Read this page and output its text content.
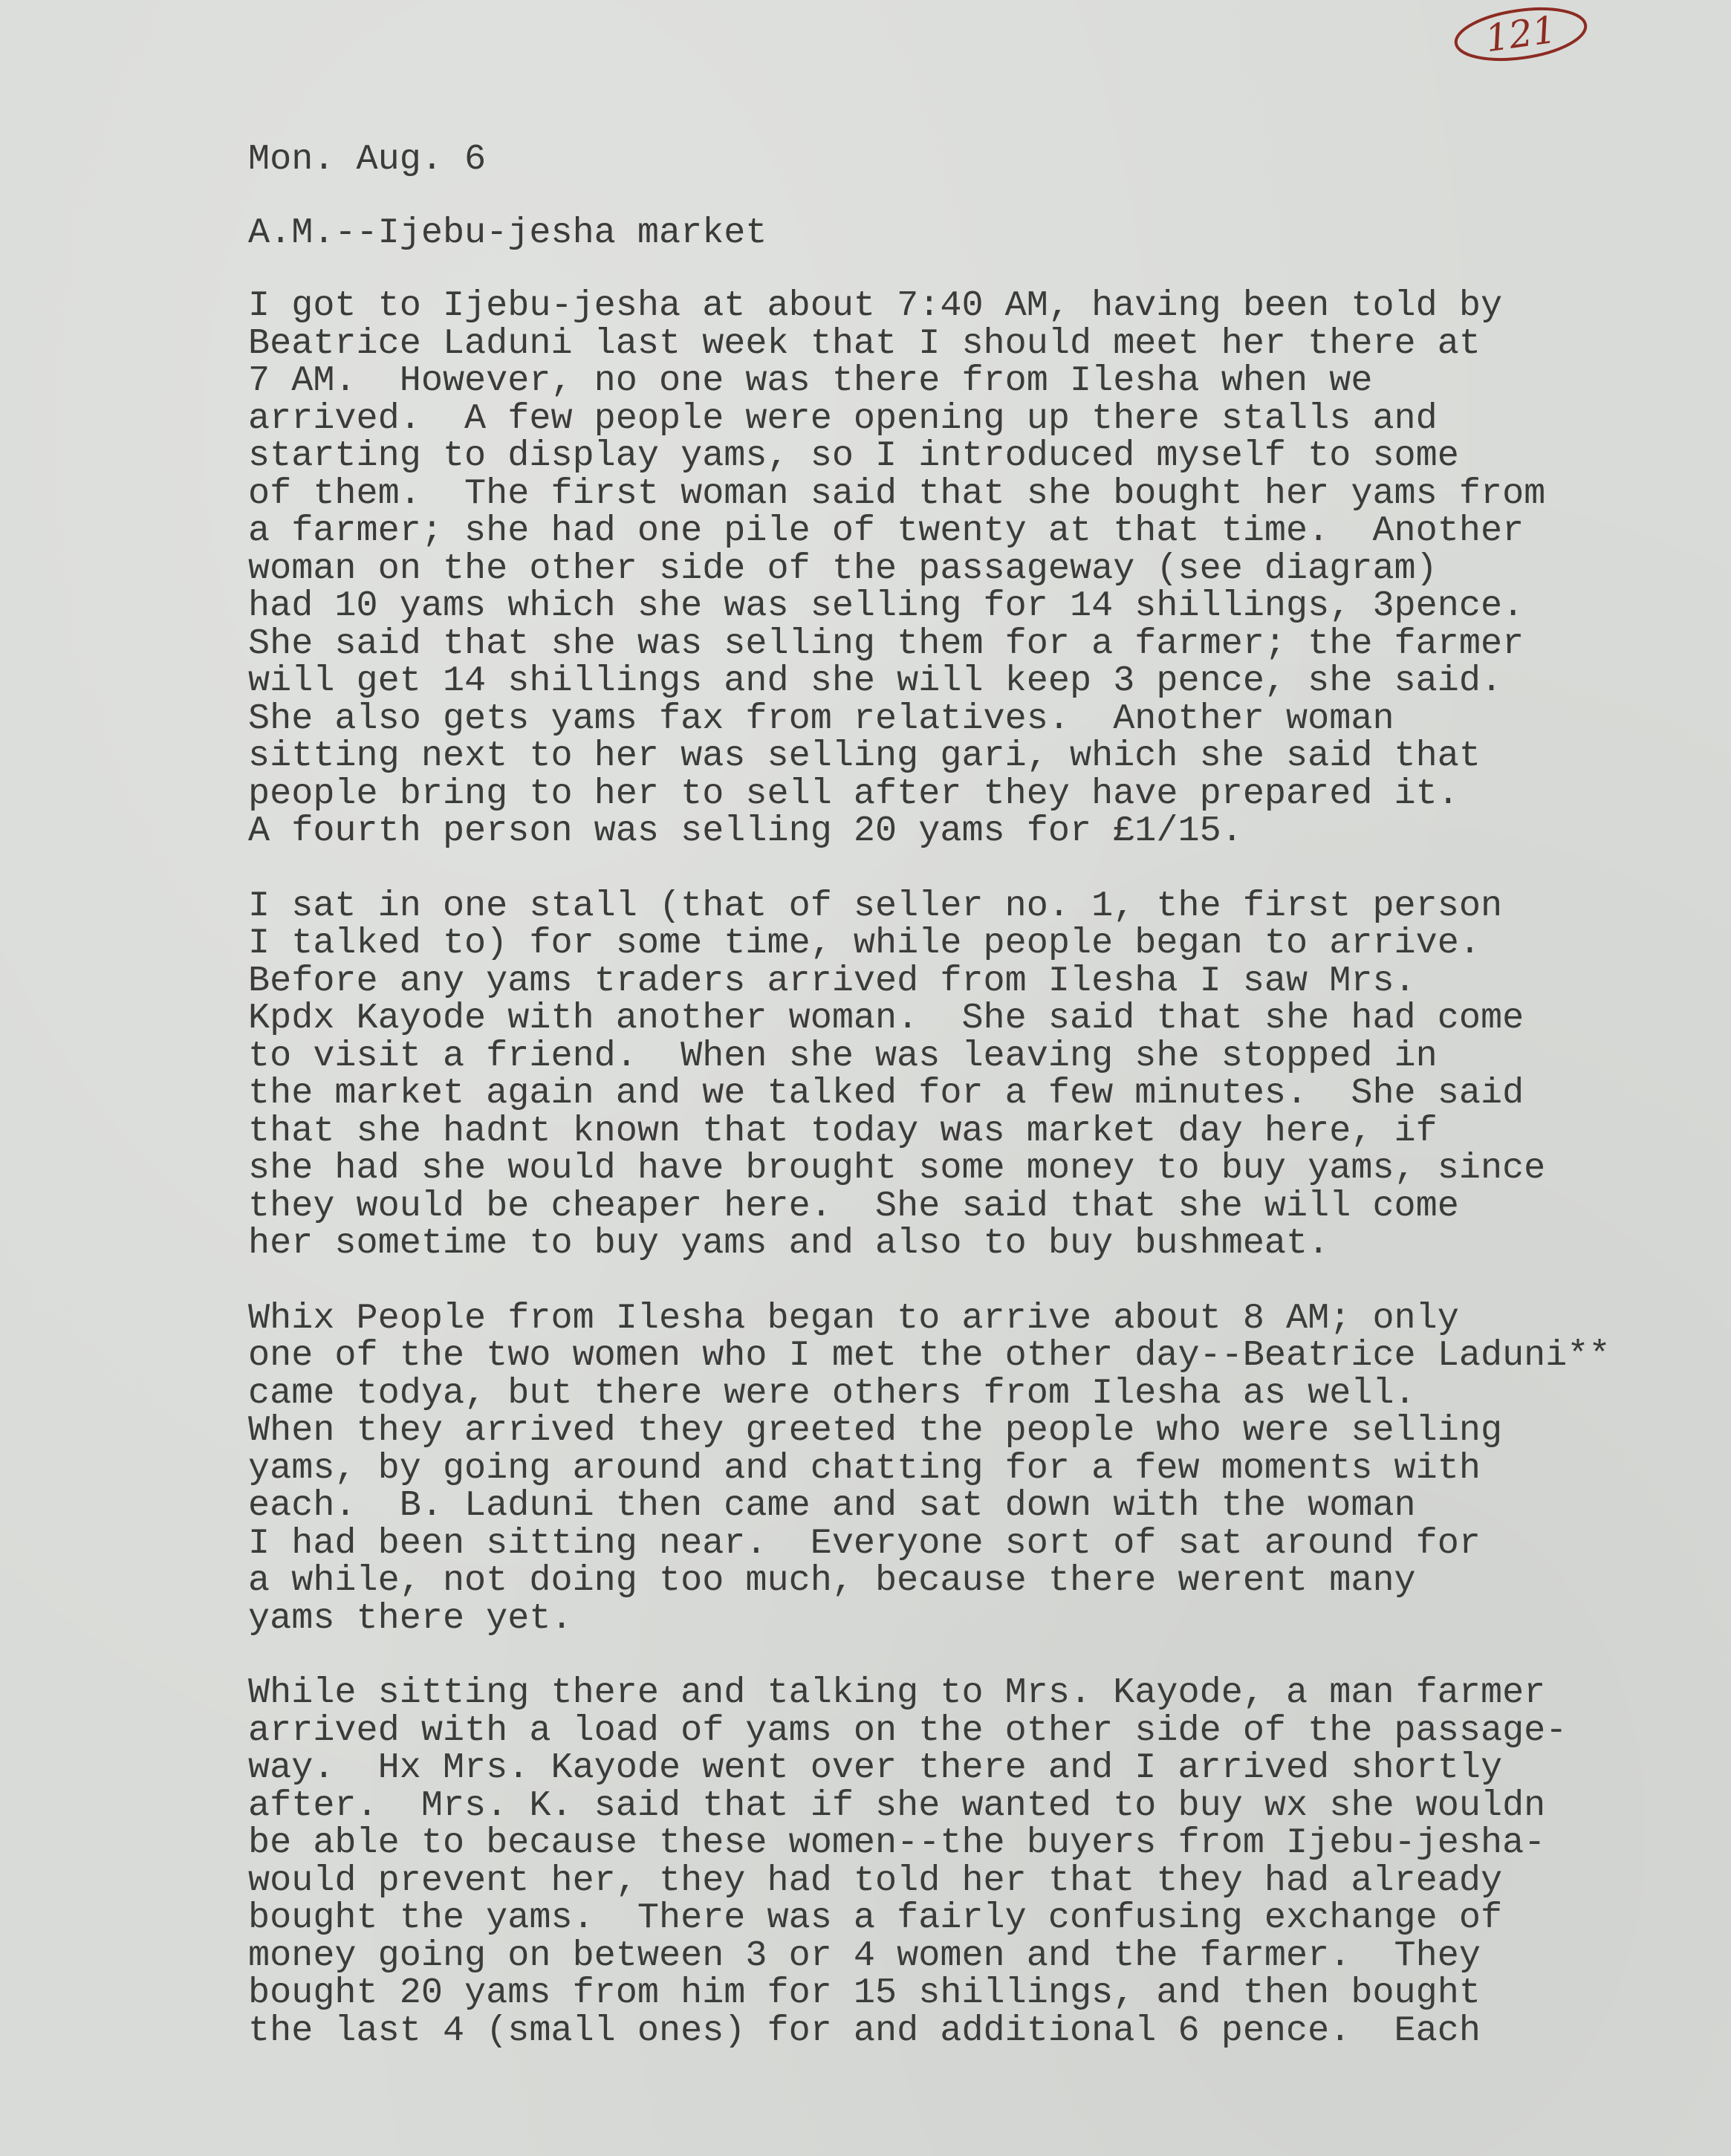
121
Mon. Aug. 6
A.M.--Ijebu-jesha market
I got to Ijebu-jesha at about 7:40 AM, having been told by
Beatrice Laduni last week that I should meet her there at
7 AM.  However, no one was there from Ilesha when we
arrived.  A few people were opening up there stalls and
starting to display yams, so I introduced myself to some
of them.  The first woman said that she bought her yams from
a farmer; she had one pile of twenty at that time.  Another
woman on the other side of the passageway (see diagram)
had 10 yams which she was selling for 14 shillings, 3pence.
She said that she was selling them for a farmer; the farmer
will get 14 shillings and she will keep 3 pence, she said.
She also gets yams fax from relatives.  Another woman
sitting next to her was selling gari, which she said that
people bring to her to sell after they have prepared it.
A fourth person was selling 20 yams for £1/15.
I sat in one stall (that of seller no. 1, the first person
I talked to) for some time, while people began to arrive.
Before any yams traders arrived from Ilesha I saw Mrs.
Kpdx Kayode with another woman.  She said that she had come
to visit a friend.  When she was leaving she stopped in
the market again and we talked for a few minutes.  She said
that she hadnt known that today was market day here, if
she had she would have brought some money to buy yams, since
they would be cheaper here.  She said that she will come
her sometime to buy yams and also to buy bushmeat.
Whix People from Ilesha began to arrive about 8 AM; only
one of the two women who I met the other day--Beatrice Laduni**
came todya, but there were others from Ilesha as well.
When they arrived they greeted the people who were selling
yams, by going around and chatting for a few moments with
each.  B. Laduni then came and sat down with the woman
I had been sitting near.  Everyone sort of sat around for
a while, not doing too much, because there werent many
yams there yet.
While sitting there and talking to Mrs. Kayode, a man farmer
arrived with a load of yams on the other side of the passage-
way.  Hx Mrs. Kayode went over there and I arrived shortly
after.  Mrs. K. said that if she wanted to buy wx she wouldn
be able to because these women--the buyers from Ijebu-jesha-
would prevent her, they had told her that they had already
bought the yams.  There was a fairly confusing exchange of
money going on between 3 or 4 women and the farmer.  They
bought 20 yams from him for 15 shillings, and then bought
the last 4 (small ones) for and additional 6 pence.  Each
